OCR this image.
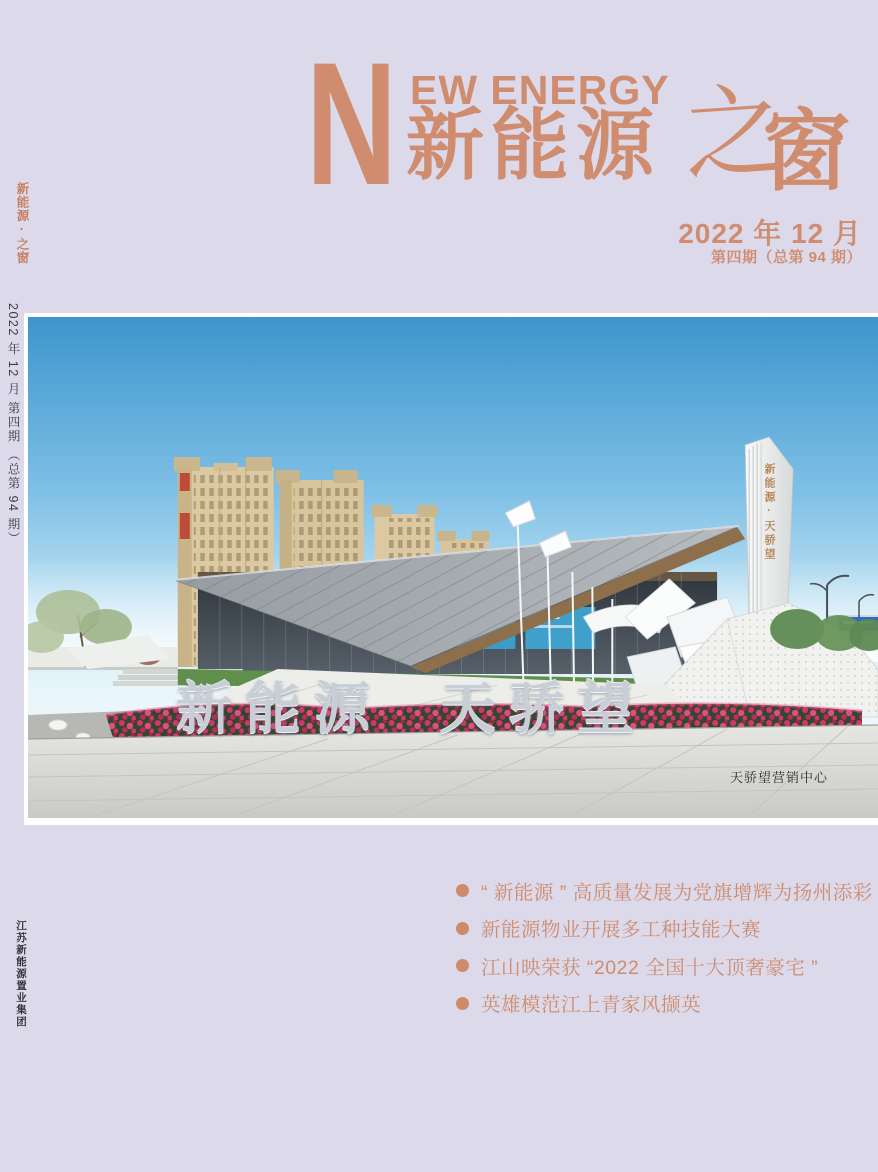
新能源·之窗
2022 年 12 月 第四期 （总第 94 期）
江苏新能源置业集团
N EW ENERGY
新能源 之
窗
2022 年 12 月
第四期（总第 94 期）
新能源 天骄望
新能源·天骄望
天骄望营销中心
“ 新能源 ” 高质量发展为党旗增辉为扬州添彩
新能源物业开展多工种技能大赛
江山映荣获 “2022 全国十大顶奢豪宅 ”
英雄模范江上青家风撷英
